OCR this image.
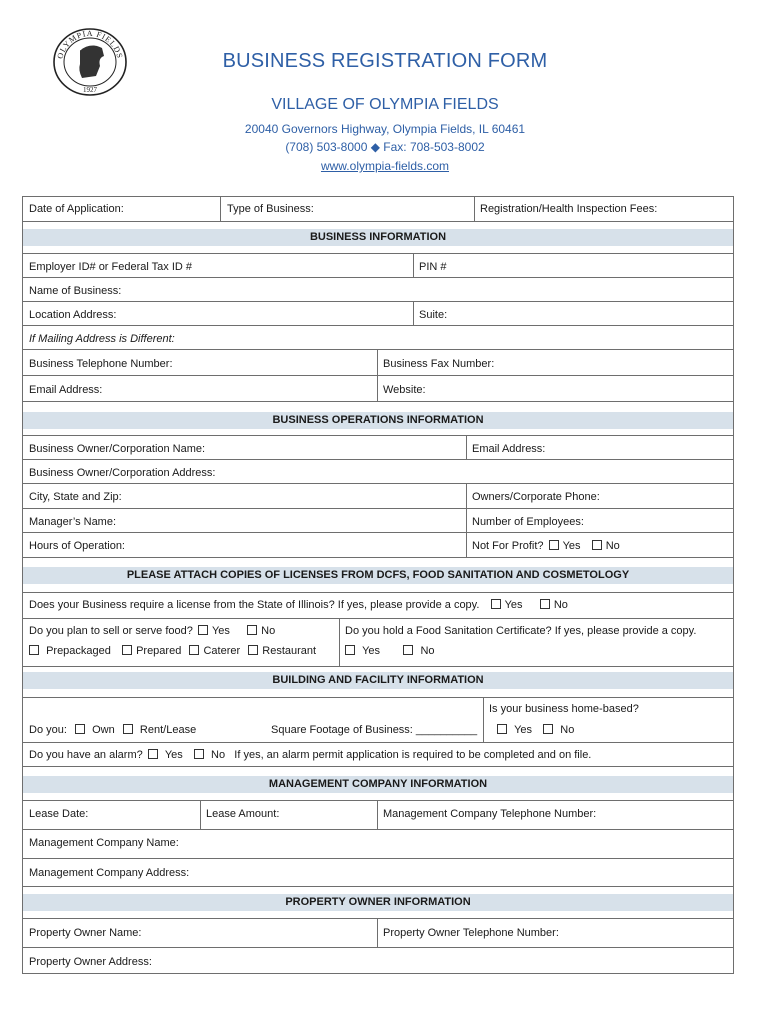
OLYMPIA FIELDS
1927
BUSINESS REGISTRATION FORM
VILLAGE OF OLYMPIA FIELDS
20040 Governors Highway, Olympia Fields, IL 60461
(708) 503-8000 ◆ Fax: 708-503-8002
www.olympia-fields.com
Date of Application:	Type of Business:	Registration/Health Inspection Fees:
BUSINESS INFORMATION
Employer ID# or Federal Tax ID #	PIN #
Name of Business:
Location Address:	Suite:
If Mailing Address is Different:
Business Telephone Number:	Business Fax Number:
Email Address:	Website:
BUSINESS OPERATIONS INFORMATION
Business Owner/Corporation Name:	Email Address:
Business Owner/Corporation Address:
City, State and Zip:	Owners/Corporate Phone:
Manager’s Name:	Number of Employees:
Hours of Operation:	Not For Profit? Yes No
PLEASE ATTACH COPIES OF LICENSES FROM DCFS, FOOD SANITATION AND COSMETOLOGY
Does your Business require a license from the State of Illinois? If yes, please provide a copy. Yes	No
Do you plan to sell or serve food? Yes	No
Prepackaged Prepared Caterer Restaurant
Do you hold a Food Sanitation Certificate? If yes, please provide a copy.
Yes	No
BUILDING AND FACILITY INFORMATION
Is your business home-based?
Do you: Own Rent/Lease	Square Footage of Business: __________	Yes	No
Do you have an alarm? Yes	No If yes, an alarm permit application is required to be completed and on file.
MANAGEMENT COMPANY INFORMATION
Lease Date:	Lease Amount:	Management Company Telephone Number:
Management Company Name:
Management Company Address:
PROPERTY OWNER INFORMATION
Property Owner Name:	Property Owner Telephone Number:
Property Owner Address:
